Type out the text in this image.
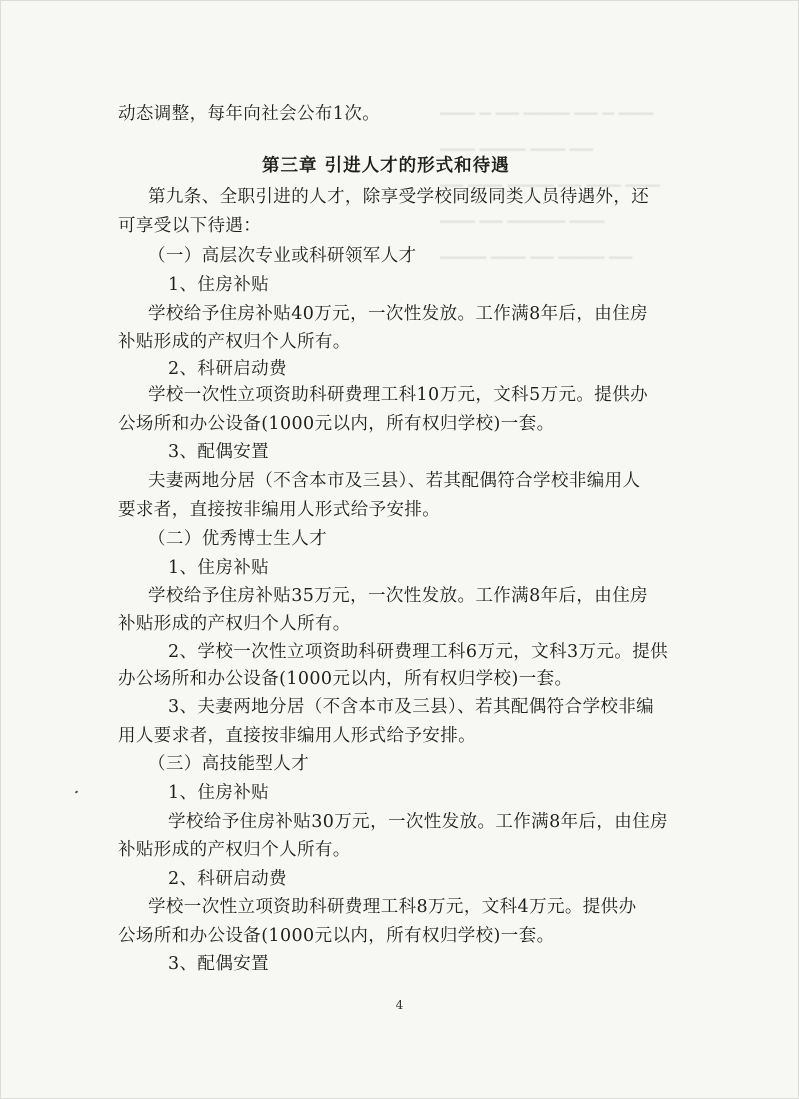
▁▁▁ ▁ ▁▁ ▁▁▁▁ ▁▁ ▁ ▁▁▁
▁▁▁ ▁▁▁▁ ▁▁▁ ▁▁
▁▁ ▁▁▁ ▁▁▁▁ ▁▁ ▁▁▁ ▁▁▁
▁▁▁ ▁▁ ▁▁▁▁▁ ▁▁▁
▁▁▁▁ ▁▁▁ ▁▁ ▁▁▁▁ ▁▁
动态调整，每年向社会公布1次。
第三章 引进人才的形式和待遇
第九条、全职引进的人才，除享受学校同级同类人员待遇外，还
可享受以下待遇：
（一）高层次专业或科研领军人才
1、住房补贴
学校给予住房补贴40万元，一次性发放。工作满8年后，由住房
补贴形成的产权归个人所有。
2、科研启动费
学校一次性立项资助科研费理工科10万元，文科5万元。提供办
公场所和办公设备(1000元以内，所有权归学校)一套。
3、配偶安置
夫妻两地分居（不含本市及三县）、若其配偶符合学校非编用人
要求者，直接按非编用人形式给予安排。
（二）优秀博士生人才
1、住房补贴
学校给予住房补贴35万元，一次性发放。工作满8年后，由住房
补贴形成的产权归个人所有。
2、学校一次性立项资助科研费理工科6万元，文科3万元。提供
办公场所和办公设备(1000元以内，所有权归学校)一套。
3、夫妻两地分居（不含本市及三县）、若其配偶符合学校非编
用人要求者，直接按非编用人形式给予安排。
（三）高技能型人才
1、住房补贴
学校给予住房补贴30万元，一次性发放。工作满8年后，由住房
补贴形成的产权归个人所有。
2、科研启动费
学校一次性立项资助科研费理工科8万元，文科4万元。提供办
公场所和办公设备(1000元以内，所有权归学校)一套。
3、配偶安置
4
